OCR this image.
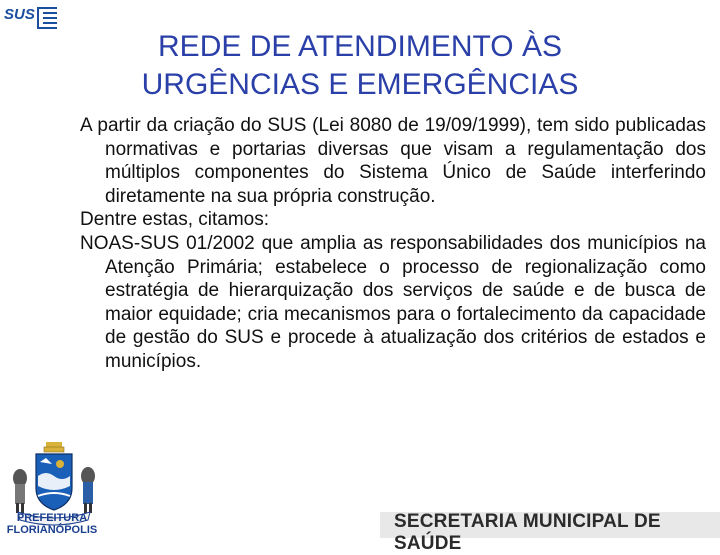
SUS
REDE DE ATENDIMENTO ÀS
URGÊNCIAS E EMERGÊNCIAS

A partir da criação do SUS (Lei 8080 de 19/09/1999), tem sido publicadas normativas e portarias diversas que visam a regulamentação dos múltiplos componentes do Sistema Único de Saúde interferindo diretamente na sua própria construção.

Dentre estas, citamos:

NOAS-SUS 01/2002 que amplia as responsabilidades dos municípios na Atenção Primária; estabelece o processo de regionalização como estratégia de hierarquização dos serviços de saúde e de busca de maior equidade; cria mecanismos para o fortalecimento da capacidade de gestão do SUS e procede à atualização dos critérios de estados e municípios.

PREFEITURA
FLORIANÓPOLIS	SECRETARIA MUNICIPAL DE SAÚDE
